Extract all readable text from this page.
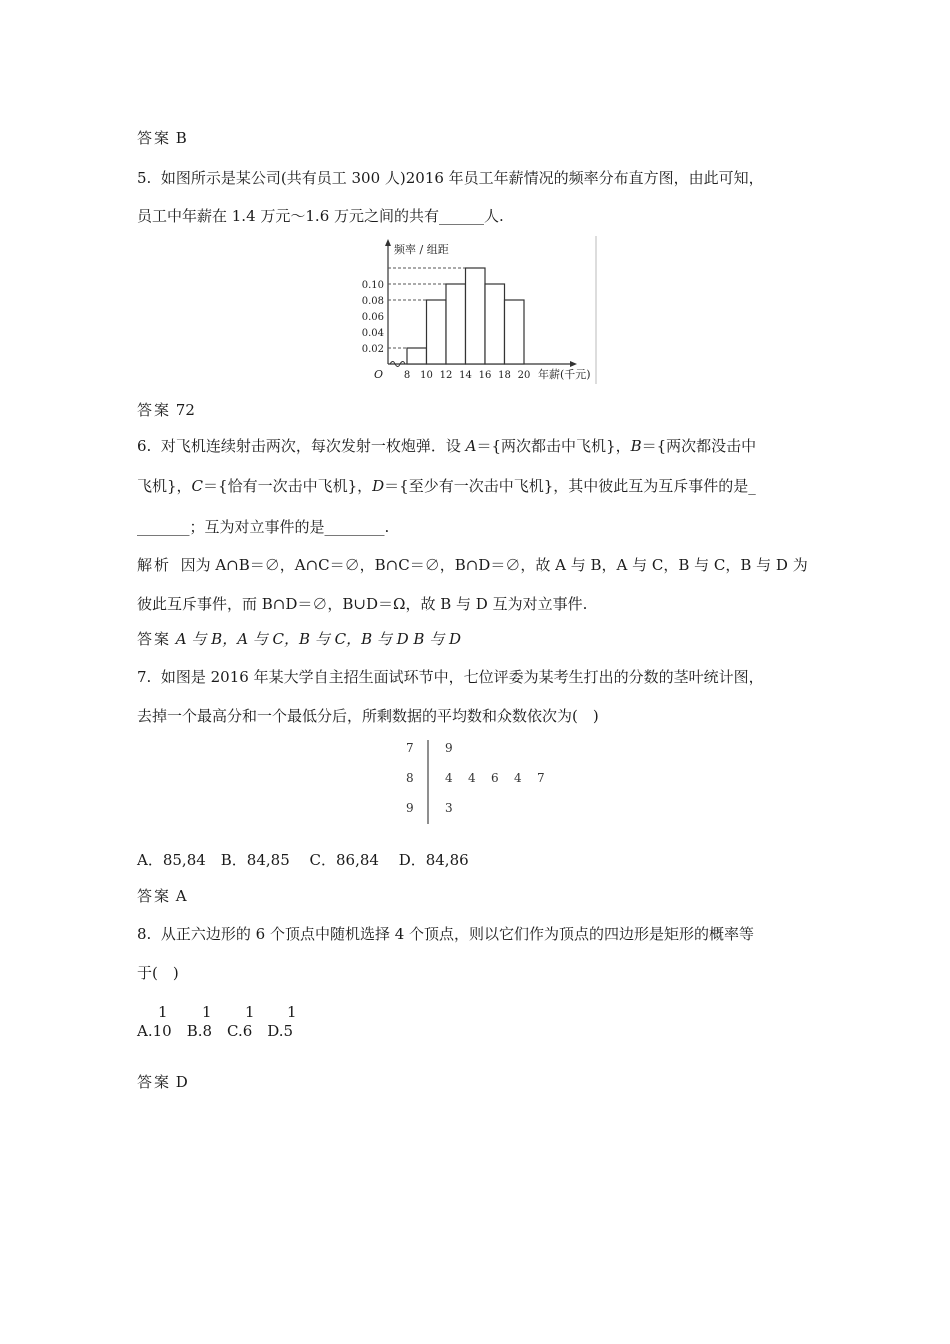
答案 B
5. 如图所示是某公司(共有员工 300 人)2016 年员工年薪情况的频率分布直方图，由此可知，
员工中年薪在 1.4 万元～1.6 万元之间的共有______人.
频率 / 组距
年薪(千元)
O
0.02
0.04
0.06
0.08
0.10
8 10 12 14 16 18 20
答案 72
6. 对飞机连续射击两次，每次发射一枚炮弹．设 A＝{两次都击中飞机}，B＝{两次都没击中
飞机}，C＝{恰有一次击中飞机}，D＝{至少有一次击中飞机}，其中彼此互为互斥事件的是_
_______；互为对立事件的是________.
解析 因为 A∩B＝∅，A∩C＝∅，B∩C＝∅，B∩D＝∅，故 A 与 B，A 与 C，B 与 C，B 与 D 为
彼此互斥事件，而 B∩D＝∅，B∪D＝Ω，故 B 与 D 互为对立事件.
答案 A 与 B，A 与 C，B 与 C，B 与 D B 与 D
7. 如图是 2016 年某大学自主招生面试环节中，七位评委为某考生打出的分数的茎叶统计图，
去掉一个最高分和一个最低分后，所剩数据的平均数和众数依次为(　)
7	9
8	4 4 6 4 7
9	3
A．85,84　B．84,85　 C．86,84　 D．84,86
答案 A
8. 从正六边形的 6 个顶点中随机选择 4 个顶点，则以它们作为顶点的四边形是矩形的概率等
于(　)
1 1 1 1
A.10　B.8　C.6　D.5
答案 D
